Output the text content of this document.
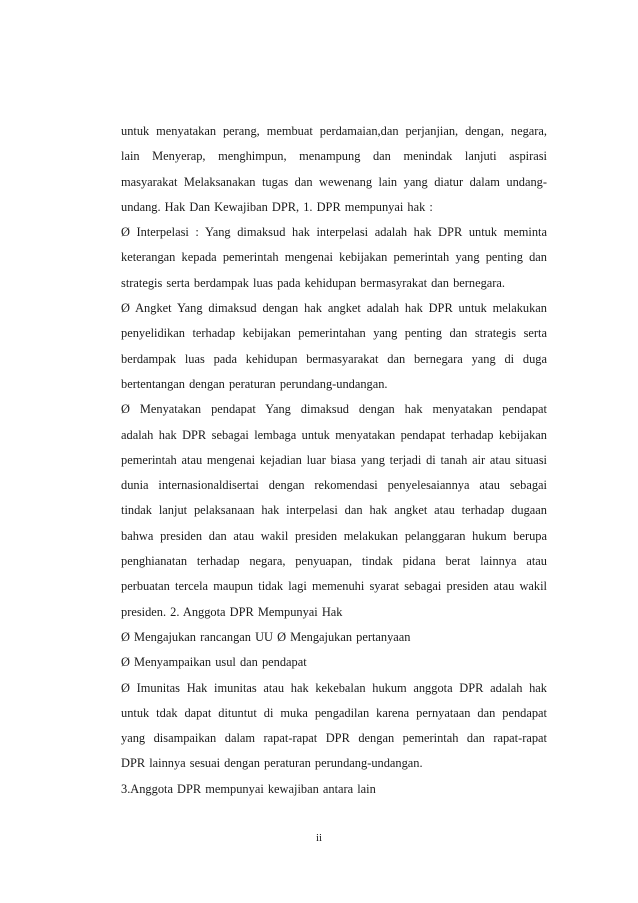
untuk menyatakan perang, membuat perdamaian,dan perjanjian, dengan, negara,
lain Menyerap, menghimpun, menampung dan menindak lanjuti aspirasi
masyarakat Melaksanakan tugas dan wewenang lain yang diatur dalam undang-
undang. Hak Dan Kewajiban DPR, 1. DPR mempunyai hak :
Ø Interpelasi : Yang dimaksud hak interpelasi adalah hak DPR untuk meminta
keterangan kepada pemerintah mengenai kebijakan pemerintah yang penting dan
strategis serta berdampak luas pada kehidupan bermasyrakat dan bernegara.
Ø Angket Yang dimaksud dengan hak angket adalah hak DPR untuk melakukan
penyelidikan terhadap kebijakan pemerintahan yang penting dan strategis serta
berdampak luas pada kehidupan bermasyarakat dan bernegara yang di duga
bertentangan dengan peraturan perundang-undangan.
Ø Menyatakan pendapat Yang dimaksud dengan hak menyatakan pendapat
adalah hak DPR sebagai lembaga untuk menyatakan pendapat terhadap kebijakan
pemerintah atau mengenai kejadian luar biasa yang terjadi di tanah air atau situasi
dunia internasionaldisertai dengan rekomendasi penyelesaiannya atau sebagai
tindak lanjut pelaksanaan hak interpelasi dan hak angket atau terhadap dugaan
bahwa presiden dan atau wakil presiden melakukan pelanggaran hukum berupa
penghianatan terhadap negara, penyuapan, tindak pidana berat lainnya atau
perbuatan tercela maupun tidak lagi memenuhi syarat sebagai presiden atau wakil
presiden. 2. Anggota DPR Mempunyai Hak
Ø Mengajukan rancangan UU Ø Mengajukan pertanyaan
Ø Menyampaikan usul dan pendapat
Ø Imunitas Hak imunitas atau hak kekebalan hukum anggota DPR adalah hak
untuk tdak dapat dituntut di muka pengadilan karena pernyataan dan pendapat
yang disampaikan dalam rapat-rapat DPR dengan pemerintah dan rapat-rapat
DPR lainnya sesuai dengan peraturan perundang-undangan.
3.Anggota DPR mempunyai kewajiban antara lain
ii
